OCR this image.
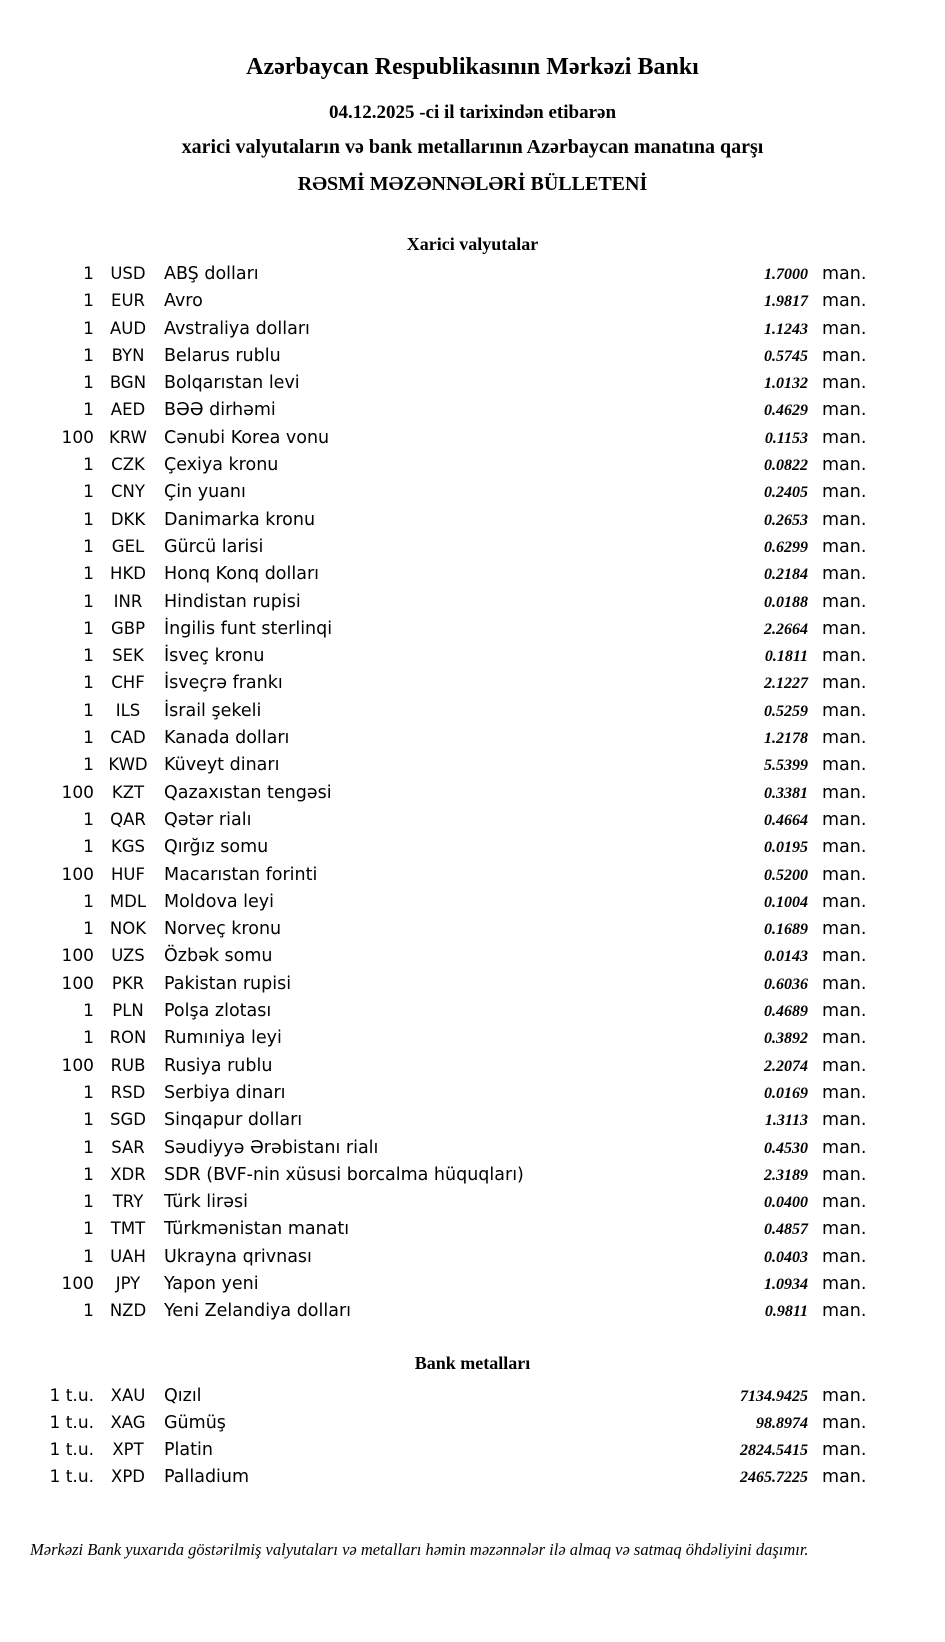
Azərbaycan Respublikasının Mərkəzi Bankı
04.12.2025 -ci il tarixindən etibarən
xarici valyutaların və bank metallarının Azərbaycan manatına qarşı
RƏSMİ MƏZƏNNƏLƏRİ BÜLLETENİ
Xarici valyutalar
1 USD	ABŞ dolları	1.7000 man.
1	EUR	Avro	1.9817 man.
1 AUD	Avstraliya dolları	1.1243 man.
1	BYN	Belarus rublu	0.5745 man.
1 BGN	Bolqarıstan levi	1.0132 man.
1	AED	BƏƏ dirhəmi	0.4629 man.
100 KRW Cənubi Korea vonu	0.1153 man.
1	CZK	Çexiya kronu	0.0822 man.
1	CNY	Çin yuanı	0.2405 man.
1	DKK	Danimarka kronu	0.2653 man.
1	GEL	Gürcü larisi	0.6299 man.
1 HKD	Honq Konq dolları	0.2184 man.
1	INR	Hindistan rupisi	0.0188 man.
1	GBP	İngilis funt sterlinqi	2.2664 man.
1	SEK	İsveç kronu	0.1811 man.
1	CHF	İsveçrə frankı	2.1227 man.
1	ILS	İsrail şekeli	0.5259 man.
1 CAD	Kanada dolları	1.2178 man.
1 KWD Küveyt dinarı	5.5399 man.
100	KZT	Qazaxıstan tengəsi	0.3381 man.
1 QAR	Qətər rialı	0.4664 man.
1	KGS	Qırğız somu	0.0195 man.
100	HUF	Macarıstan forinti	0.5200 man.
1 MDL	Moldova leyi	0.1004 man.
1 NOK	Norveç kronu	0.1689 man.
100	UZS	Özbək somu	0.0143 man.
100	PKR	Pakistan rupisi	0.6036 man.
1	PLN	Polşa zlotası	0.4689 man.
1 RON	Rumıniya leyi	0.3892 man.
100	RUB	Rusiya rublu	2.2074 man.
1	RSD	Serbiya dinarı	0.0169 man.
1 SGD	Sinqapur dolları	1.3113 man.
1	SAR	Səudiyyə Ərəbistanı rialı	0.4530 man.
1 XDR	SDR (BVF-nin xüsusi borcalma hüquqları)	2.3189 man.
1	TRY	Türk lirəsi	0.0400 man.
1	TMT	Türkmənistan manatı	0.4857 man.
1 UAH	Ukrayna qrivnası	0.0403 man.
100	JPY	Yapon yeni	1.0934 man.
1 NZD	Yeni Zelandiya dolları	0.9811 man.
Bank metalları
1 t.u.	XAU	Qızıl	7134.9425 man.
1 t.u. XAG	Gümüş	98.8974 man.
1 t.u.	XPT	Platin	2824.5415 man.
1 t.u.	XPD	Palladium	2465.7225 man.
Mərkəzi Bank yuxarıda göstərilmiş valyutaları və metalları həmin məzənnələr ilə almaq və satmaq öhdəliyini daşımır.
